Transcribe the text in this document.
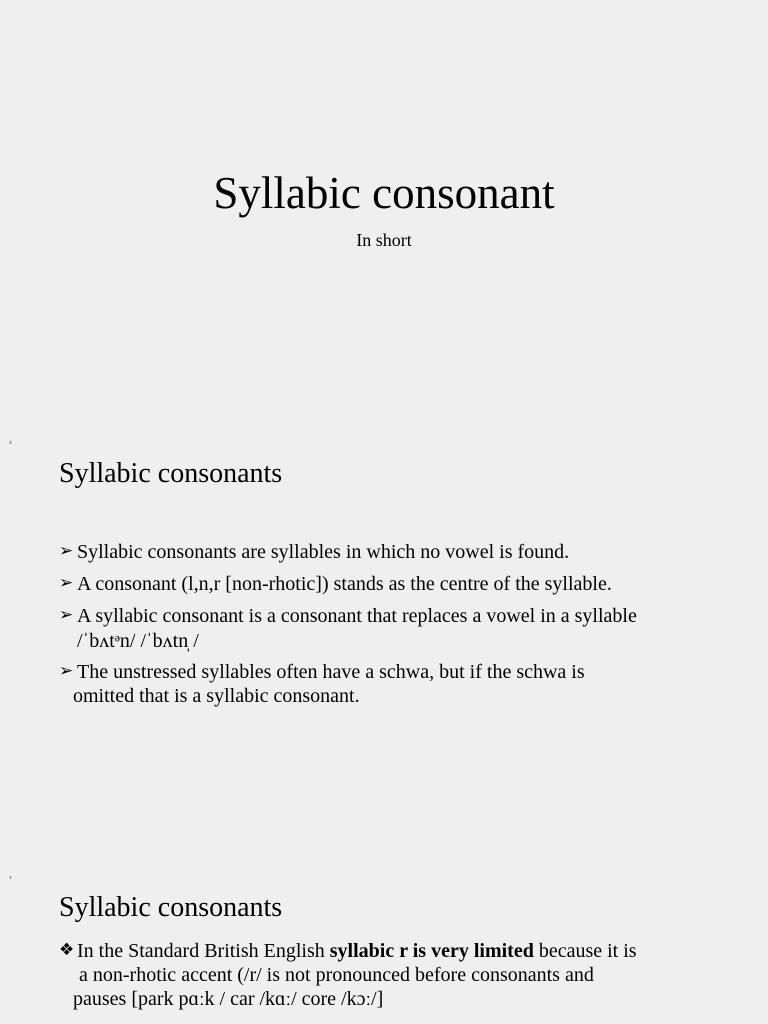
Syllabic consonant
In short
¹
Syllabic consonants
➢ Syllabic consonants are syllables in which no vowel is found.
➢ A consonant (l,n,r [non-rhotic]) stands as the centre of the syllable.
➢ A syllabic consonant is a consonant that replaces a vowel in a syllable
/ˈbʌtᵊn/ /ˈbʌtn̩ /
➢ The unstressed syllables often have a schwa, but if the schwa is
omitted that is a syllabic consonant.
¹
Syllabic consonants
❖ In the Standard British English syllabic r is very limited because it is
a non-rhotic accent (/r/ is not pronounced before consonants and
pauses [park pɑːk / car /kɑː/ core /kɔː/]
